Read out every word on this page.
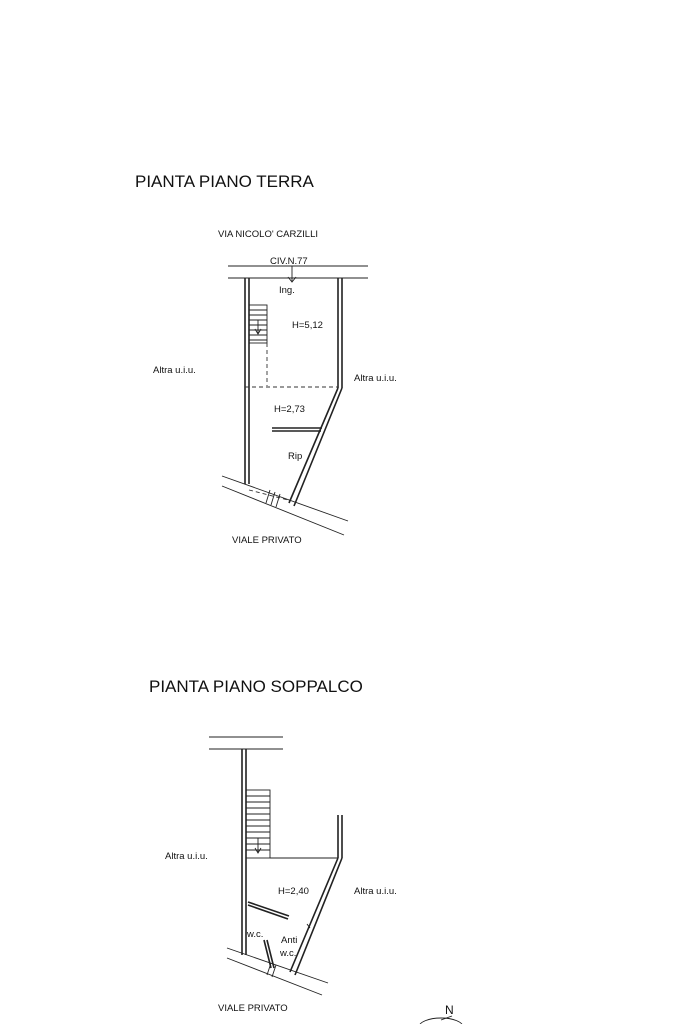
PIANTA PIANO TERRA
VIA NICOLO' CARZILLI
CIV.N.77
Ing.
H=5,12
H=2,73
Rip
Altra u.i.u.
Altra u.i.u.
VIALE PRIVATO
PIANTA PIANO SOPPALCO
H=2,40
w.c.
Anti
w.c.
Altra u.i.u.
Altra u.i.u.
VIALE PRIVATO	N
